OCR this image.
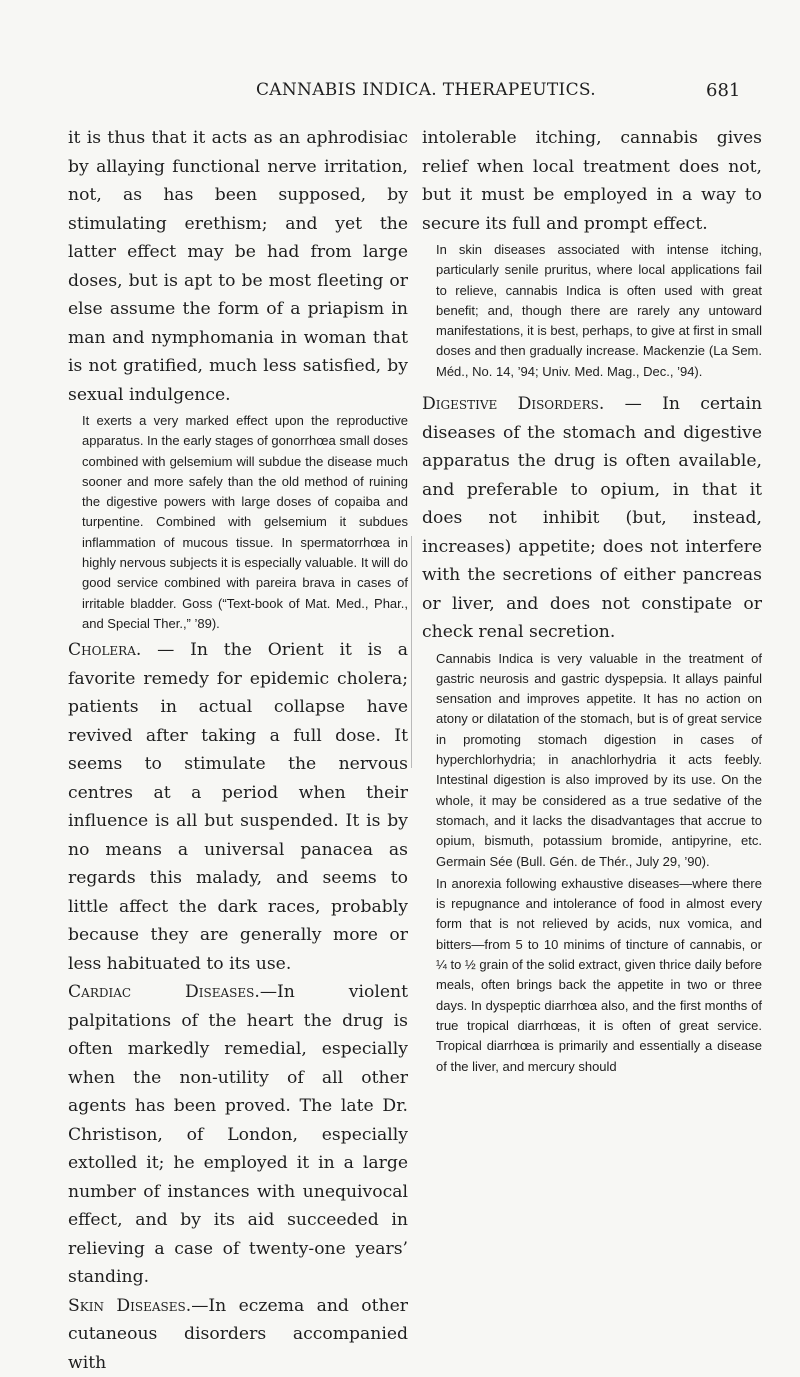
CANNABIS INDICA. THERAPEUTICS.	681

it is thus that it acts as an aphrodisiac by allaying functional nerve irritation, not, as has been supposed, by stimulating erethism; and yet the latter effect may be had from large doses, but is apt to be most fleeting or else assume the form of a priapism in man and nymphomania in woman that is not gratified, much less satisfied, by sexual indulgence.

It exerts a very marked effect upon the reproductive apparatus. In the early stages of gonorrhœa small doses combined with gelsemium will subdue the disease much sooner and more safely than the old method of ruining the digestive powers with large doses of copaiba and turpentine. Combined with gelsemium it subdues inflammation of mucous tissue. In spermatorrhœa in highly nervous subjects it is especially valuable. It will do good service combined with pareira brava in cases of irritable bladder. Goss (“Text-book of Mat. Med., Phar., and Special Ther.,” ’89).

Cholera. — In the Orient it is a favorite remedy for epidemic cholera; patients in actual collapse have revived after taking a full dose. It seems to stimulate the nervous centres at a period when their influence is all but suspended. It is by no means a universal panacea as regards this malady, and seems to little affect the dark races, probably because they are generally more or less habituated to its use.

Cardiac Diseases.—In violent palpitations of the heart the drug is often markedly remedial, especially when the non-utility of all other agents has been proved. The late Dr. Christison, of London, especially extolled it; he employed it in a large number of instances with unequivocal effect, and by its aid succeeded in relieving a case of twenty-one years’ standing.

Skin Diseases.—In eczema and other cutaneous disorders accompanied with

intolerable itching, cannabis gives relief when local treatment does not, but it must be employed in a way to secure its full and prompt effect.

In skin diseases associated with intense itching, particularly senile pruritus, where local applications fail to relieve, cannabis Indica is often used with great benefit; and, though there are rarely any untoward manifestations, it is best, perhaps, to give at first in small doses and then gradually increase. Mackenzie (La Sem. Méd., No. 14, ’94; Univ. Med. Mag., Dec., ’94).

Digestive Disorders. — In certain diseases of the stomach and digestive apparatus the drug is often available, and preferable to opium, in that it does not inhibit (but, instead, increases) appetite; does not interfere with the secretions of either pancreas or liver, and does not constipate or check renal secretion.

Cannabis Indica is very valuable in the treatment of gastric neurosis and gastric dyspepsia. It allays painful sensation and improves appetite. It has no action on atony or dilatation of the stomach, but is of great service in promoting stomach digestion in cases of hyperchlorhydria; in anachlorhydria it acts feebly. Intestinal digestion is also improved by its use. On the whole, it may be considered as a true sedative of the stomach, and it lacks the disadvantages that accrue to opium, bismuth, potassium bromide, antipyrine, etc. Germain Sée (Bull. Gén. de Thér., July 29, ’90).

In anorexia following exhaustive diseases—where there is repugnance and intolerance of food in almost every form that is not relieved by acids, nux vomica, and bitters—from 5 to 10 minims of tincture of cannabis, or ¼ to ½ grain of the solid extract, given thrice daily before meals, often brings back the appetite in two or three days. In dyspeptic diarrhœa also, and the first months of true tropical diarrhœas, it is often of great service. Tropical diarrhœa is primarily and essentially a disease of the liver, and mercury should
